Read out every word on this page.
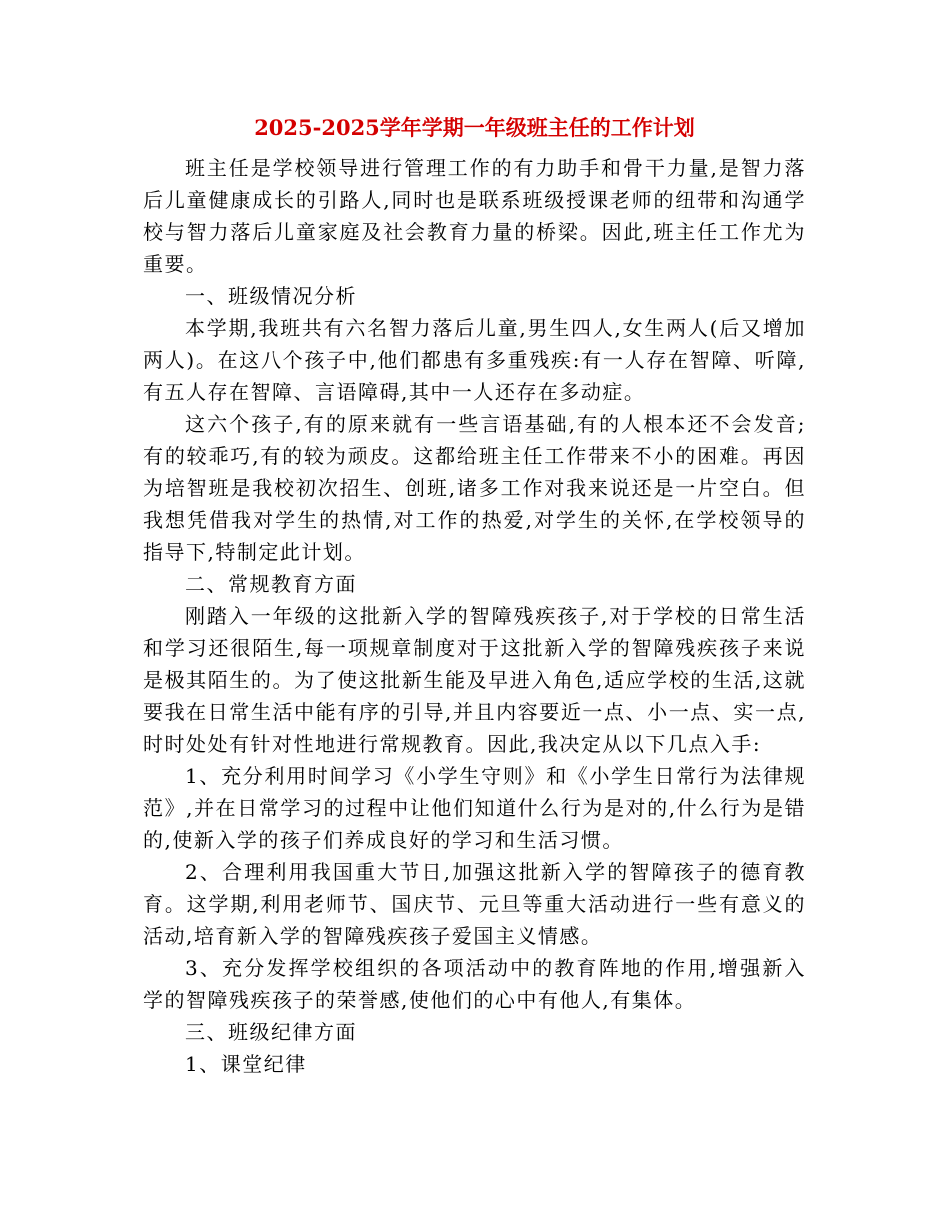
2025-2025学年学期一年级班主任的工作计划

班主任是学校领导进行管理工作的有力助手和骨干力量,是智力落后儿童健康成长的引路人,同时也是联系班级授课老师的纽带和沟通学校与智力落后儿童家庭及社会教育力量的桥梁。因此,班主任工作尤为重要。

一、班级情况分析

本学期,我班共有六名智力落后儿童,男生四人,女生两人(后又增加两人)。在这八个孩子中,他们都患有多重残疾:有一人存在智障、听障,有五人存在智障、言语障碍,其中一人还存在多动症。

这六个孩子,有的原来就有一些言语基础,有的人根本还不会发音;有的较乖巧,有的较为顽皮。这都给班主任工作带来不小的困难。再因为培智班是我校初次招生、创班,诸多工作对我来说还是一片空白。但我想凭借我对学生的热情,对工作的热爱,对学生的关怀,在学校领导的指导下,特制定此计划。

二、常规教育方面

刚踏入一年级的这批新入学的智障残疾孩子,对于学校的日常生活和学习还很陌生,每一项规章制度对于这批新入学的智障残疾孩子来说是极其陌生的。为了使这批新生能及早进入角色,适应学校的生活,这就要我在日常生活中能有序的引导,并且内容要近一点、小一点、实一点,时时处处有针对性地进行常规教育。因此,我决定从以下几点入手:

1、充分利用时间学习《小学生守则》和《小学生日常行为法律规范》,并在日常学习的过程中让他们知道什么行为是对的,什么行为是错的,使新入学的孩子们养成良好的学习和生活习惯。

2、合理利用我国重大节日,加强这批新入学的智障孩子的德育教育。这学期,利用老师节、国庆节、元旦等重大活动进行一些有意义的活动,培育新入学的智障残疾孩子爱国主义情感。

3、充分发挥学校组织的各项活动中的教育阵地的作用,增强新入学的智障残疾孩子的荣誉感,使他们的心中有他人,有集体。

三、班级纪律方面

1、课堂纪律
